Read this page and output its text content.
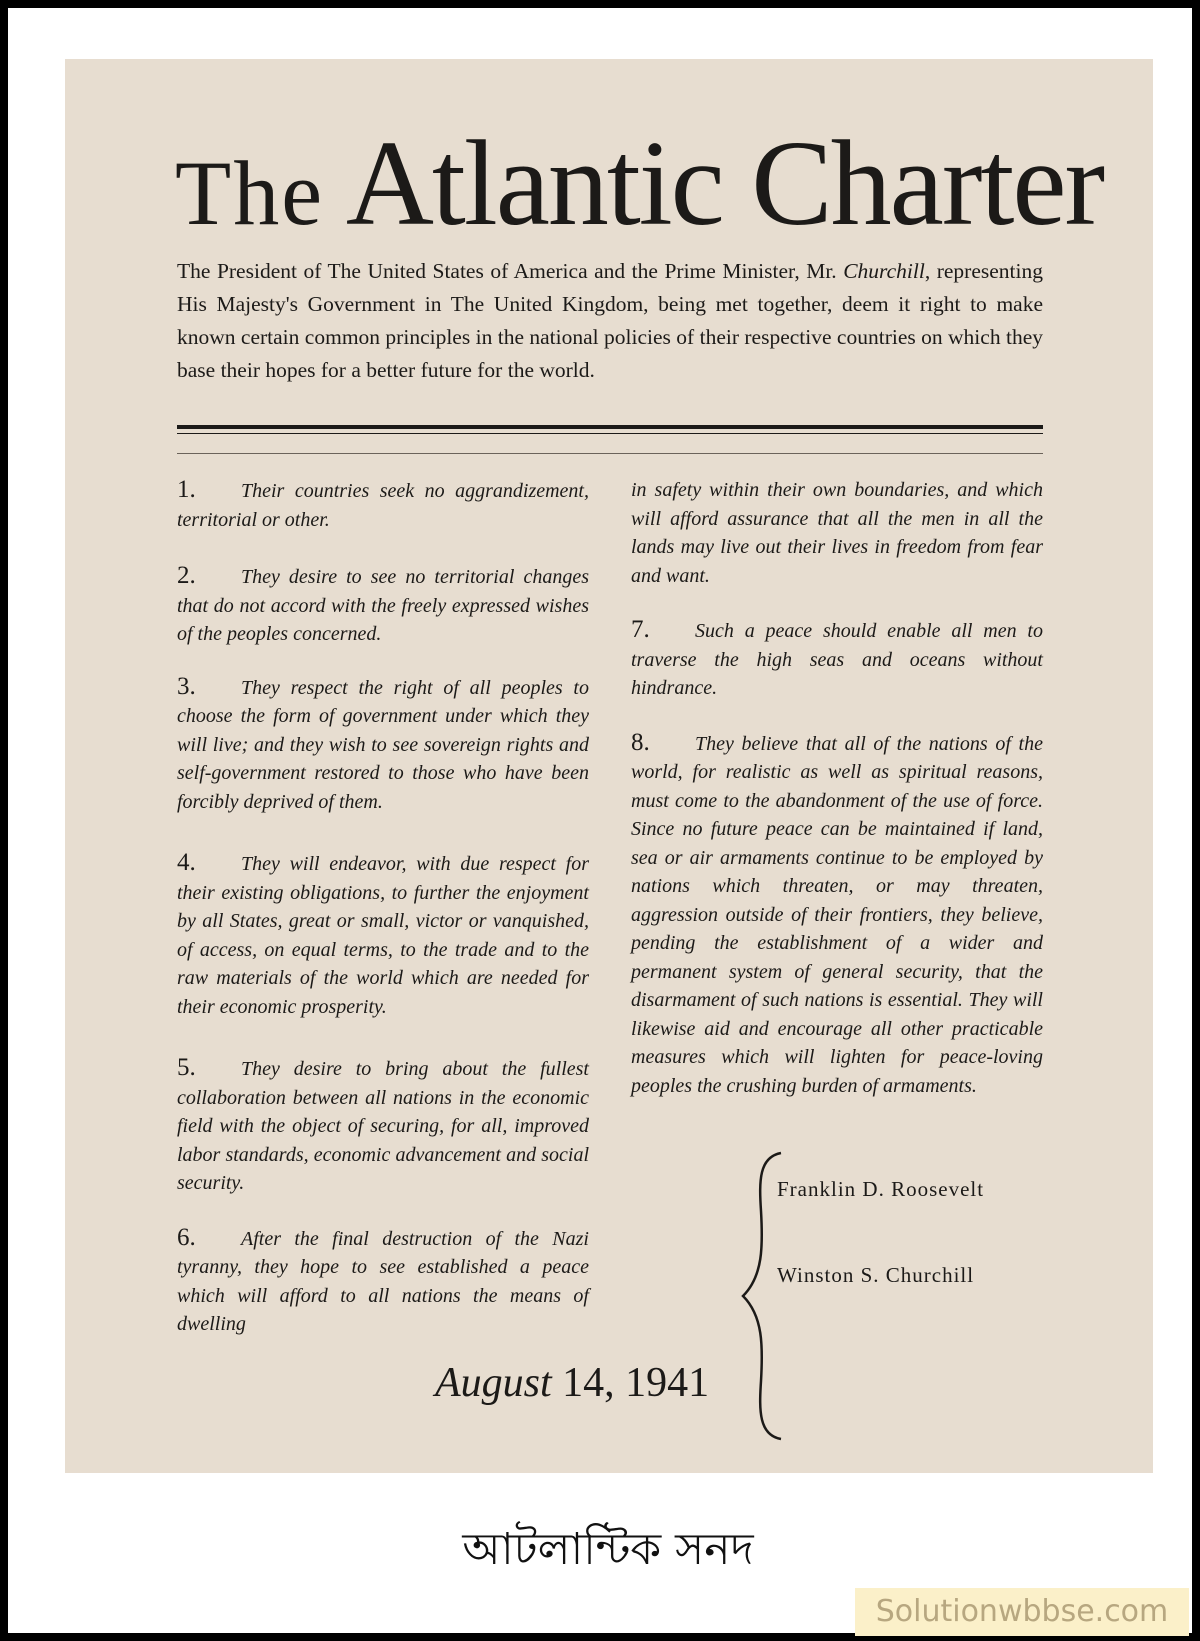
The Atlantic Charter
The President of The United States of America and the Prime Minister, Mr. Churchill, representing His Majesty's Government in The United Kingdom, being met together, deem it right to make known certain common principles in the national policies of their respective countries on which they base their hopes for a better future for the world.

1. Their countries seek no aggrandizement, territorial or other.

2. They desire to see no territorial changes that do not accord with the freely expressed wishes of the peoples concerned.

3. They respect the right of all peoples to choose the form of government under which they will live; and they wish to see sovereign rights and self-government restored to those who have been forcibly deprived of them.

4. They will endeavor, with due respect for their existing obligations, to further the enjoyment by all States, great or small, victor or vanquished, of access, on equal terms, to the trade and to the raw materials of the world which are needed for their economic prosperity.

5. They desire to bring about the fullest collaboration between all nations in the economic field with the object of securing, for all, improved labor standards, economic advancement and social security.

6. After the final destruction of the Nazi tyranny, they hope to see established a peace which will afford to all nations the means of dwelling

in safety within their own boundaries, and which will afford assurance that all the men in all the lands may live out their lives in freedom from fear and want.

7. Such a peace should enable all men to traverse the high seas and oceans without hindrance.

8. They believe that all of the nations of the world, for realistic as well as spiritual reasons, must come to the abandonment of the use of force. Since no future peace can be maintained if land, sea or air armaments continue to be employed by nations which threaten, or may threaten, aggression outside of their frontiers, they believe, pending the establishment of a wider and permanent system of general security, that the disarmament of such nations is essential. They will likewise aid and encourage all other practicable measures which will lighten for peace-loving peoples the crushing burden of armaments.

Franklin D. Roosevelt
Winston S. Churchill
August 14, 1941
আটলান্টিক সনদ
Solutionwbbse.com
